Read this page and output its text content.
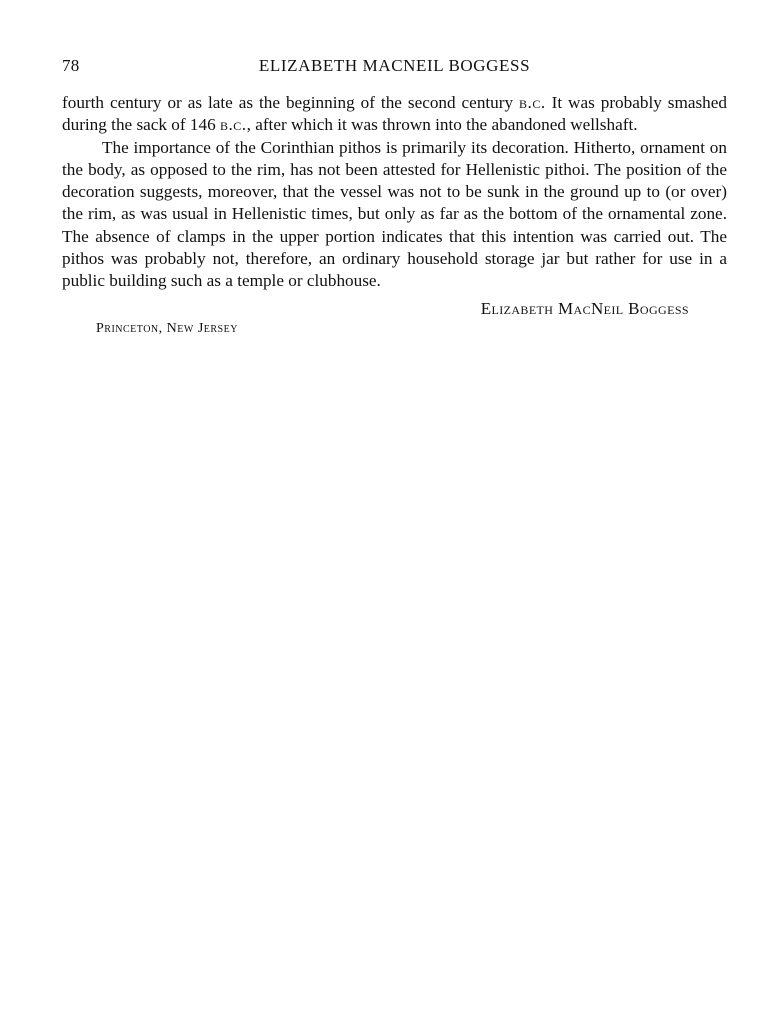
78	ELIZABETH MACNEIL BOGGESS

fourth century or as late as the beginning of the second century b.c. It was probably smashed during the sack of 146 b.c., after which it was thrown into the abandoned wellshaft.

The importance of the Corinthian pithos is primarily its decoration. Hitherto, ornament on the body, as opposed to the rim, has not been attested for Hellenistic pithoi. The position of the decoration suggests, moreover, that the vessel was not to be sunk in the ground up to (or over) the rim, as was usual in Hellenistic times, but only as far as the bottom of the ornamental zone. The absence of clamps in the upper portion indicates that this intention was carried out. The pithos was probably not, therefore, an ordinary household storage jar but rather for use in a public building such as a temple or clubhouse.

Elizabeth MacNeil Boggess
Princeton, New Jersey
